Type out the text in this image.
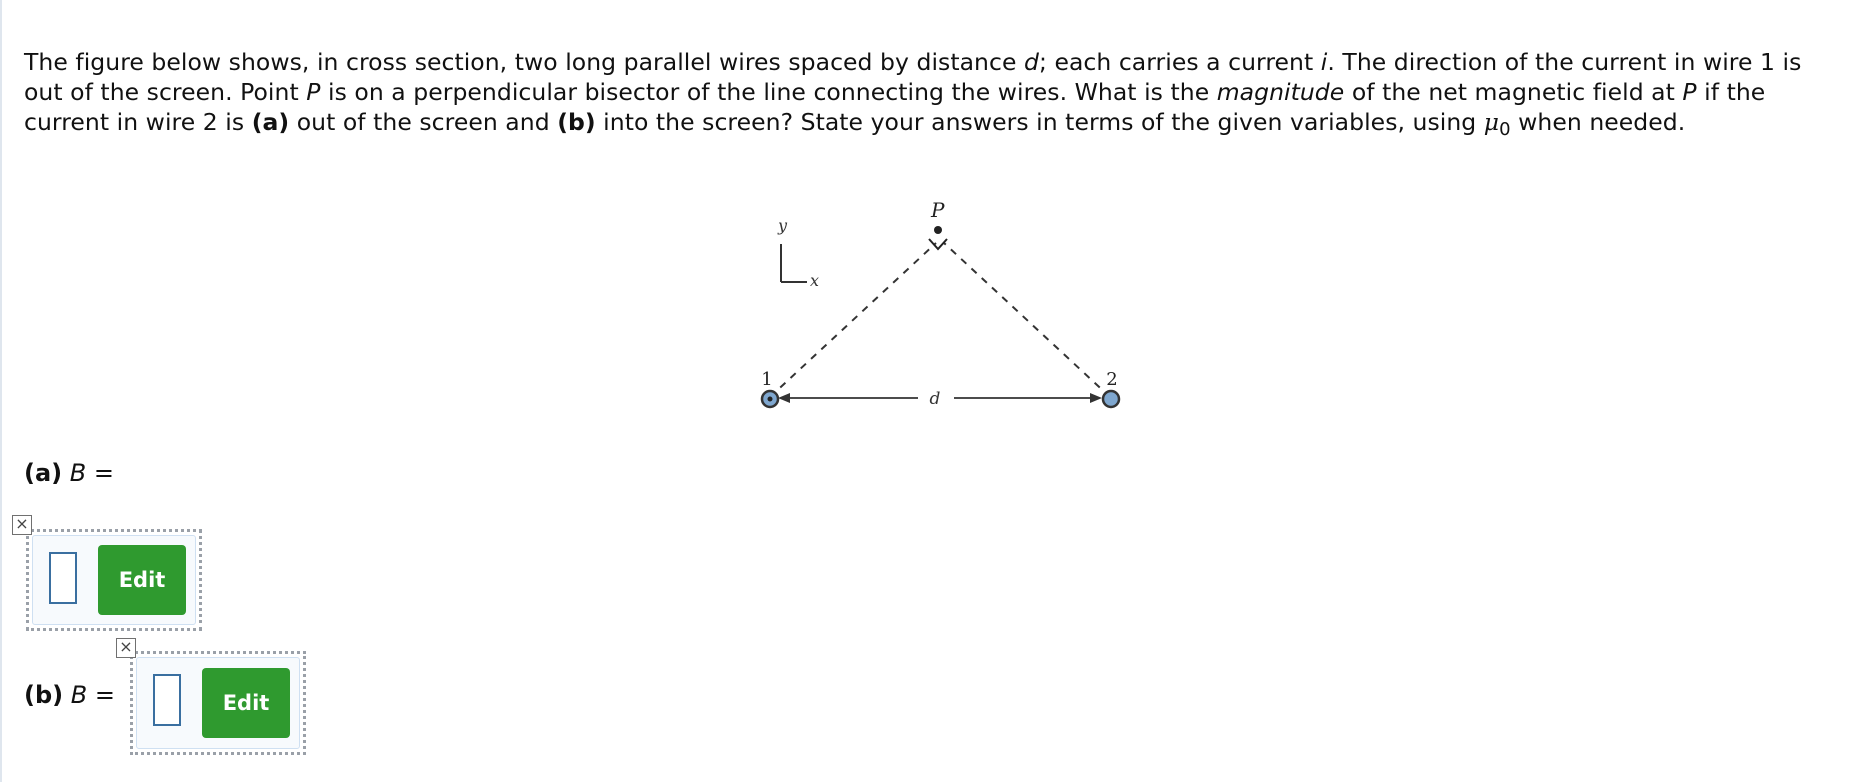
The figure below shows, in cross section, two long parallel wires spaced by distance d; each carries a current i. The direction of the current in wire 1 is out of the screen. Point P is on a perpendicular bisector of the line connecting the wires. What is the magnitude of the net magnetic field at P if the current in wire 2 is (a) out of the screen and (b) into the screen? State your answers in terms of the given variables, using $\mu_0$ when needed.

y
x
P
d
1	2
(a) B =
×
Edit
(b) B =
×
Edit
